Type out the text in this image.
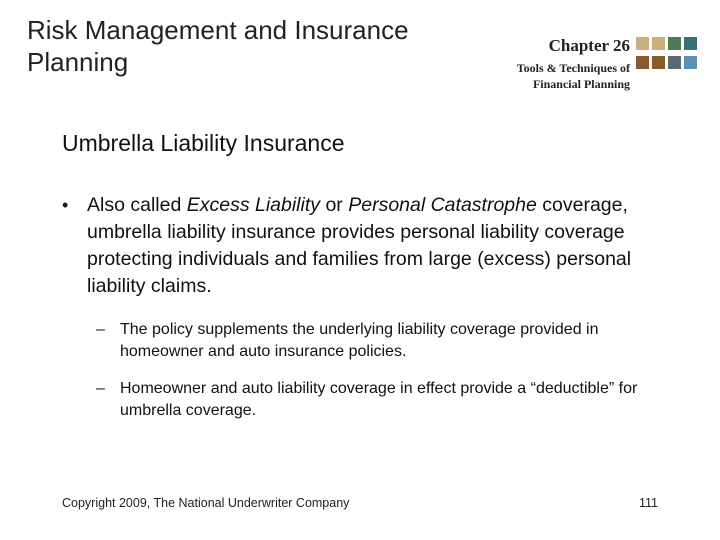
Risk Management and Insurance
Planning
Chapter 26
Tools & Techniques of
Financial Planning
Umbrella Liability Insurance
• Also called Excess Liability or Personal Catastrophe coverage, umbrella liability insurance provides personal liability coverage protecting individuals and families from large (excess) personal liability claims.
– The policy supplements the underlying liability coverage provided in homeowner and auto insurance policies.
– Homeowner and auto liability coverage in effect provide a “deductible” for umbrella coverage.
Copyright 2009, The National Underwriter Company	111
